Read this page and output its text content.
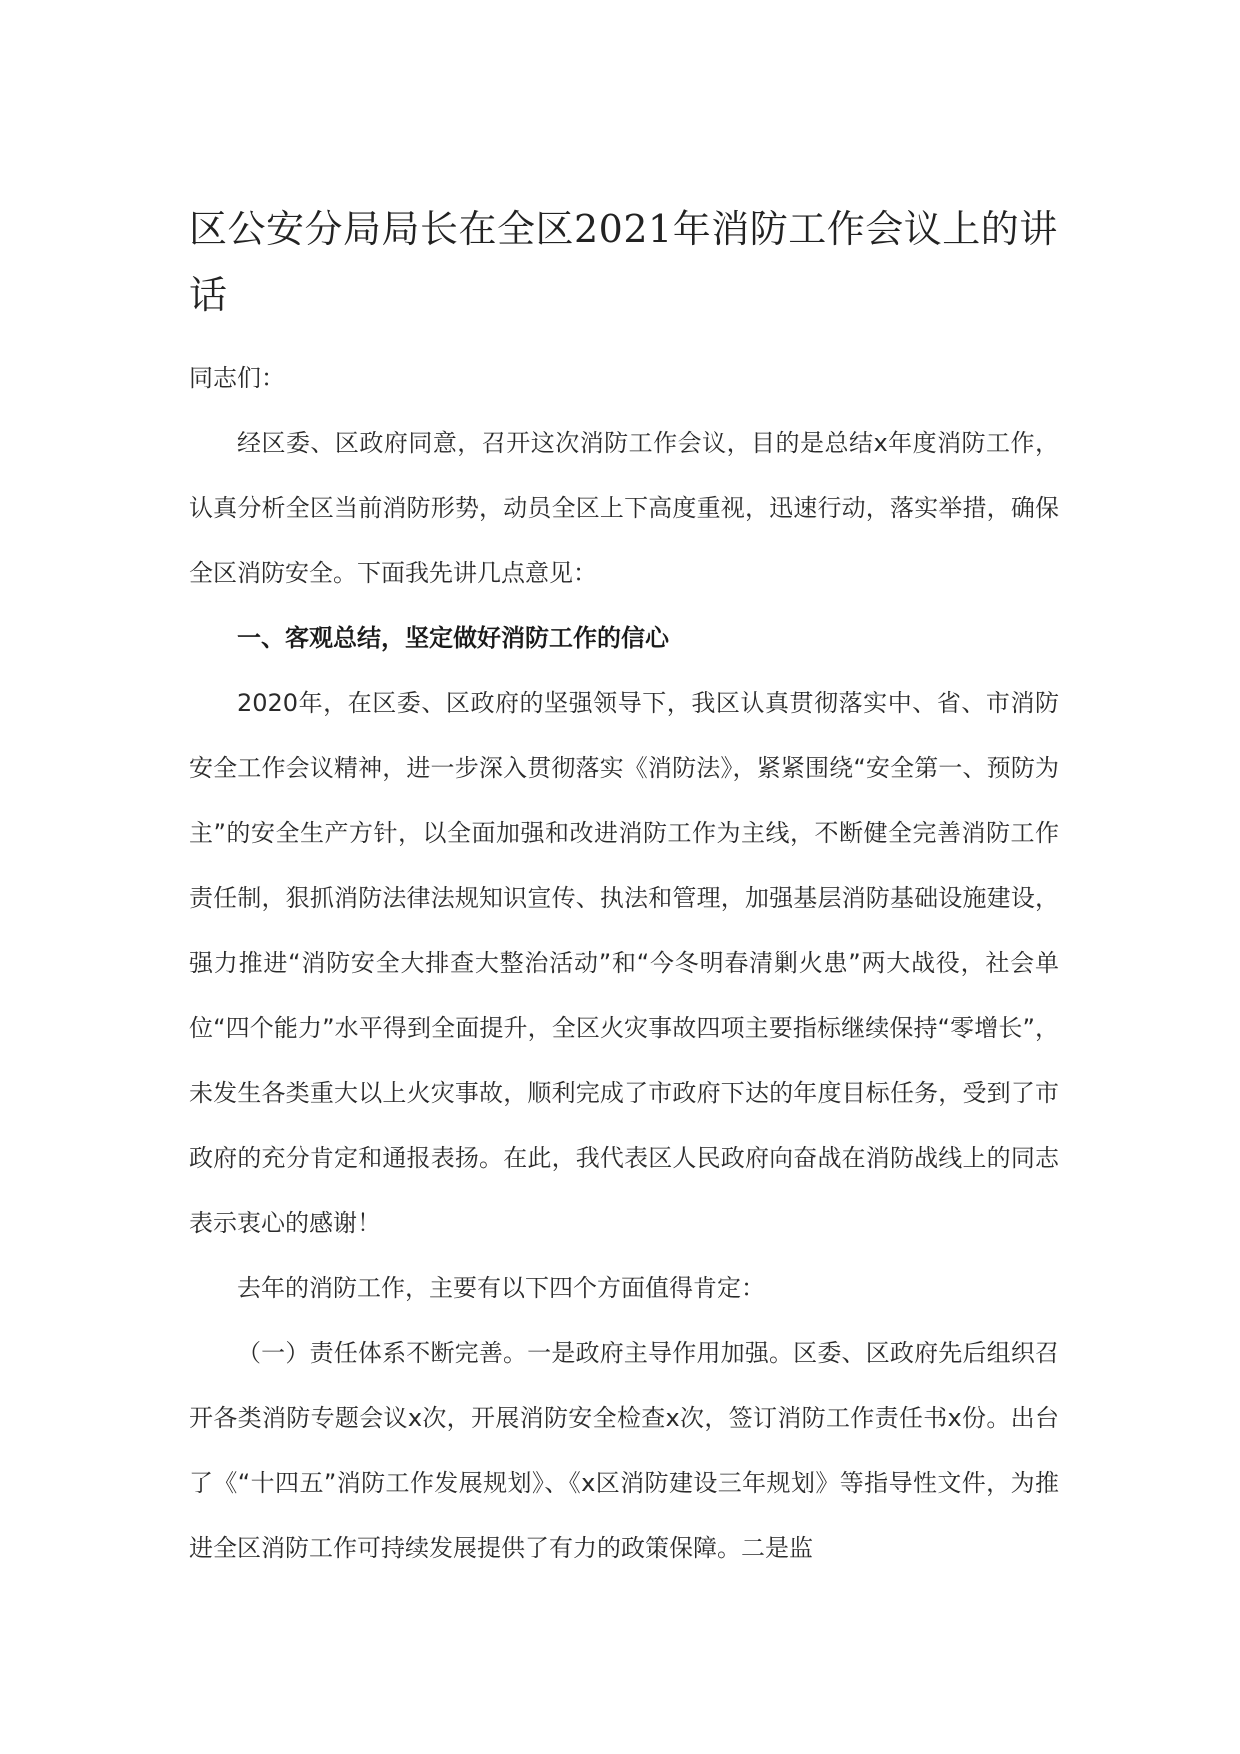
区公安分局局长在全区2021年消防工作会议上的讲话

同志们：

经区委、区政府同意，召开这次消防工作会议，目的是总结x年度消防工作，认真分析全区当前消防形势，动员全区上下高度重视，迅速行动，落实举措，确保全区消防安全。下面我先讲几点意见：

一、客观总结，坚定做好消防工作的信心

2020年，在区委、区政府的坚强领导下，我区认真贯彻落实中、省、市消防安全工作会议精神，进一步深入贯彻落实《消防法》，紧紧围绕“安全第一、预防为主”的安全生产方针，以全面加强和改进消防工作为主线，不断健全完善消防工作责任制，狠抓消防法律法规知识宣传、执法和管理，加强基层消防基础设施建设，强力推进“消防安全大排查大整治活动”和“今冬明春清剿火患”两大战役，社会单位“四个能力”水平得到全面提升，全区火灾事故四项主要指标继续保持“零增长”，未发生各类重大以上火灾事故，顺利完成了市政府下达的年度目标任务，受到了市政府的充分肯定和通报表扬。在此，我代表区人民政府向奋战在消防战线上的同志表示衷心的感谢！

去年的消防工作，主要有以下四个方面值得肯定：

（一）责任体系不断完善。一是政府主导作用加强。区委、区政府先后组织召开各类消防专题会议x次，开展消防安全检查x次，签订消防工作责任书x份。出台了《“十四五”消防工作发展规划》、《x区消防建设三年规划》等指导性文件，为推进全区消防工作可持续发展提供了有力的政策保障。二是监
